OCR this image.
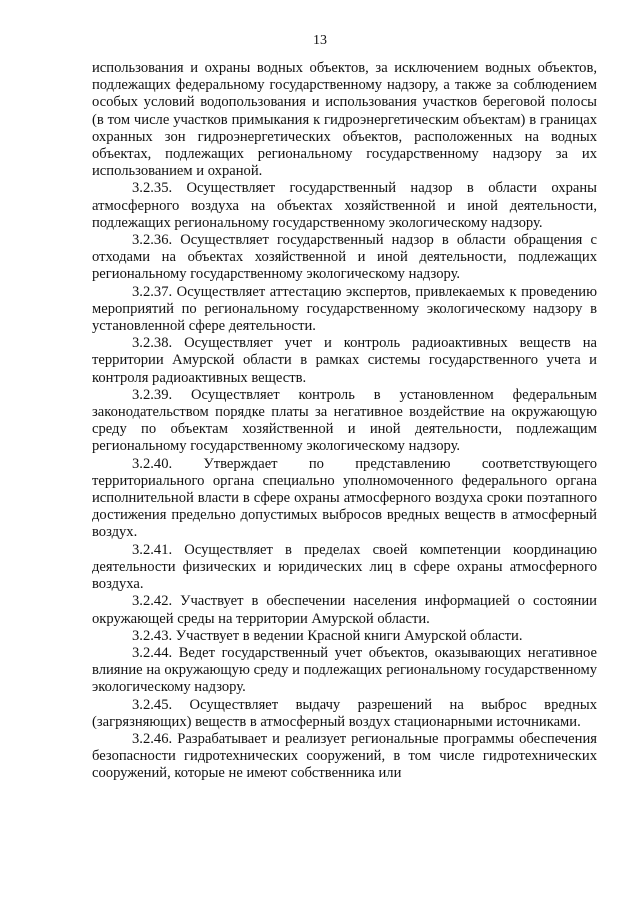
13

использования и охраны водных объектов, за исключением водных объектов, подлежащих федеральному государственному надзору, а также за соблюдением особых условий водопользования и использования участков береговой полосы (в том числе участков примыкания к гидроэнергетическим объектам) в границах охранных зон гидроэнергетических объектов, расположенных на водных объектах, подлежащих региональному государственному надзору за их использованием и охраной.

3.2.35. Осуществляет государственный надзор в области охраны атмосферного воздуха на объектах хозяйственной и иной деятельности, подлежащих региональному государственному экологическому надзору.

3.2.36. Осуществляет государственный надзор в области обращения с отходами на объектах хозяйственной и иной деятельности, подлежащих региональному государственному экологическому надзору.

3.2.37. Осуществляет аттестацию экспертов, привлекаемых к проведению мероприятий по региональному государственному экологическому надзору в установленной сфере деятельности.

3.2.38. Осуществляет учет и контроль радиоактивных веществ на территории Амурской области в рамках системы государственного учета и контроля радиоактивных веществ.

3.2.39. Осуществляет контроль в установленном федеральным законодательством порядке платы за негативное воздействие на окружающую среду по объектам хозяйственной и иной деятельности, подлежащим региональному государственному экологическому надзору.

3.2.40. Утверждает по представлению соответствующего территориального органа специально уполномоченного федерального органа исполнительной власти в сфере охраны атмосферного воздуха сроки поэтапного достижения предельно допустимых выбросов вредных веществ в атмосферный воздух.

3.2.41. Осуществляет в пределах своей компетенции координацию деятельности физических и юридических лиц в сфере охраны атмосферного воздуха.

3.2.42. Участвует в обеспечении населения информацией о состоянии окружающей среды на территории Амурской области.

3.2.43. Участвует в ведении Красной книги Амурской области.

3.2.44. Ведет государственный учет объектов, оказывающих негативное влияние на окружающую среду и подлежащих региональному государственному экологическому надзору.

3.2.45. Осуществляет выдачу разрешений на выброс вредных (загрязняющих) веществ в атмосферный воздух стационарными источниками.

3.2.46. Разрабатывает и реализует региональные программы обеспечения безопасности гидротехнических сооружений, в том числе гидротехнических сооружений, которые не имеют собственника или
